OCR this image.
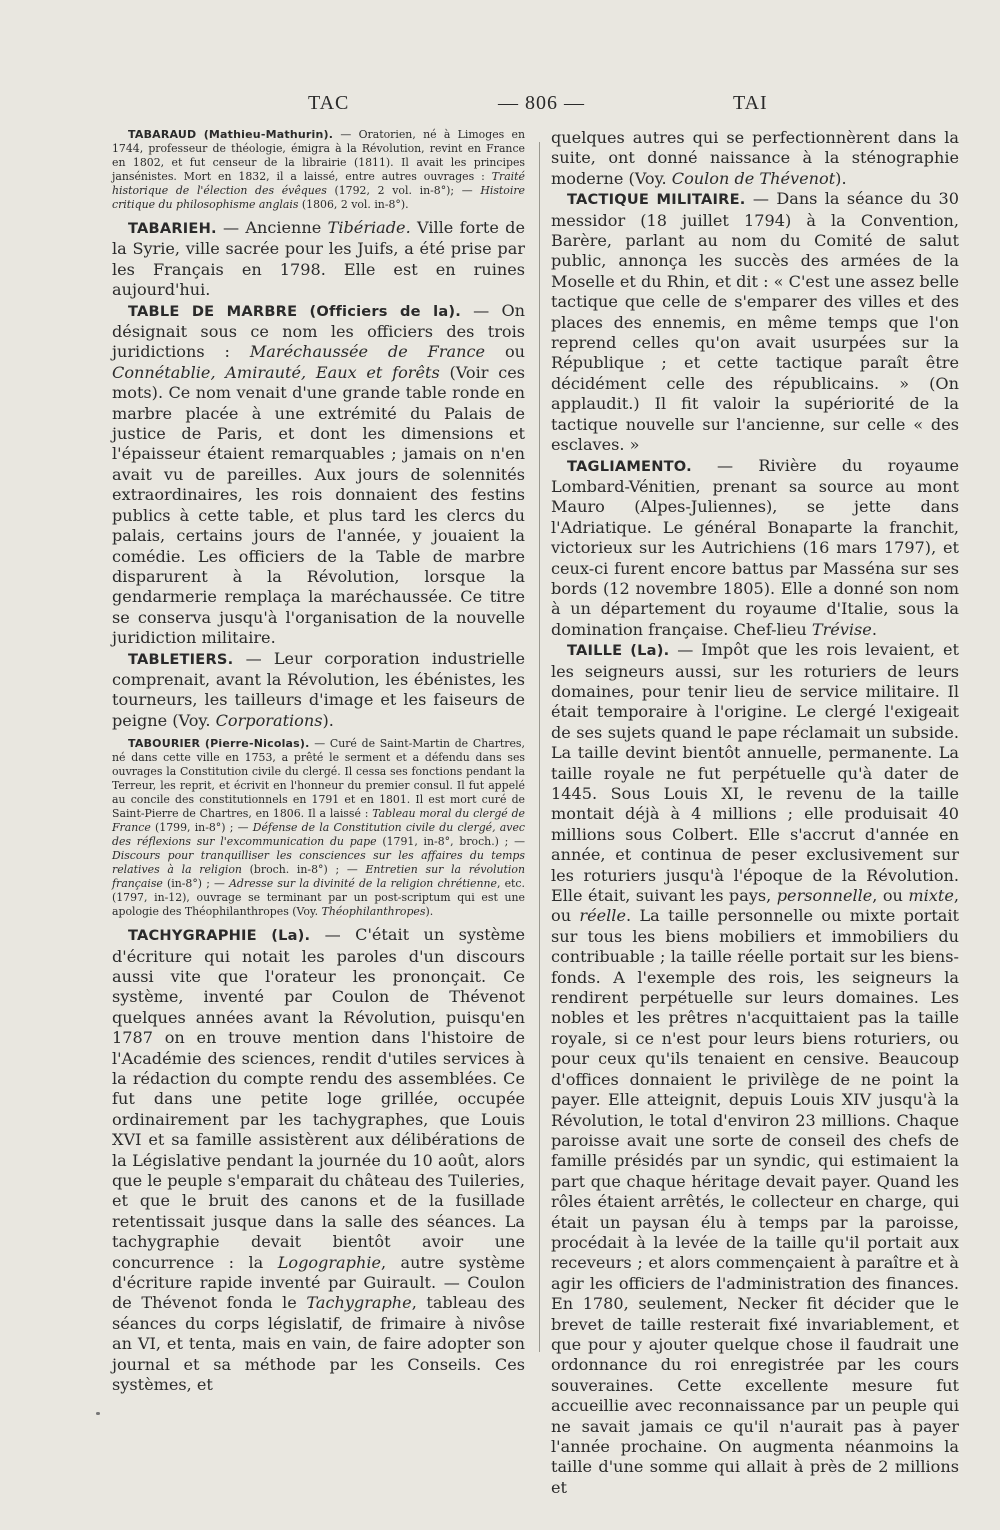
TAC	— 806 —	TAI

TABARAUD (Mathieu-Mathurin). — Oratorien, né à Limoges en 1744, professeur de théologie, émigra à la Révolution, revint en France en 1802, et fut censeur de la librairie (1811). Il avait les principes jansénistes. Mort en 1832, il a laissé, entre autres ouvrages : Traité historique de l'élection des évêques (1792, 2 vol. in-8°); — Histoire critique du philosophisme anglais (1806, 2 vol. in-8°).

TABARIEH. — Ancienne Tibériade. Ville forte de la Syrie, ville sacrée pour les Juifs, a été prise par les Français en 1798. Elle est en ruines aujourd'hui.

TABLE DE MARBRE (Officiers de la). — On désignait sous ce nom les officiers des trois juridictions : Maréchaussée de France ou Connétablie, Amirauté, Eaux et forêts (Voir ces mots). Ce nom venait d'une grande table ronde en marbre placée à une extrémité du Palais de justice de Paris, et dont les dimensions et l'épaisseur étaient remarquables ; jamais on n'en avait vu de pareilles. Aux jours de solennités extraordinaires, les rois donnaient des festins publics à cette table, et plus tard les clercs du palais, certains jours de l'année, y jouaient la comédie. Les officiers de la Table de marbre disparurent à la Révolution, lorsque la gendarmerie remplaça la maréchaussée. Ce titre se conserva jusqu'à l'organisation de la nouvelle juridiction militaire.

TABLETIERS. — Leur corporation industrielle comprenait, avant la Révolution, les ébénistes, les tourneurs, les tailleurs d'image et les faiseurs de peigne (Voy. Corporations).

TABOURIER (Pierre-Nicolas). — Curé de Saint-Martin de Chartres, né dans cette ville en 1753, a prêté le serment et a défendu dans ses ouvrages la Constitution civile du clergé. Il cessa ses fonctions pendant la Terreur, les reprit, et écrivit en l'honneur du premier consul. Il fut appelé au concile des constitutionnels en 1791 et en 1801. Il est mort curé de Saint-Pierre de Chartres, en 1806. Il a laissé : Tableau moral du clergé de France (1799, in-8°) ; — Défense de la Constitution civile du clergé, avec des réflexions sur l'excommunication du pape (1791, in-8°, broch.) ; — Discours pour tranquilliser les consciences sur les affaires du temps relatives à la religion (broch. in-8°) ; — Entretien sur la révolution française (in-8°) ; — Adresse sur la divinité de la religion chrétienne, etc. (1797, in-12), ouvrage se terminant par un post-scriptum qui est une apologie des Théophilanthropes (Voy. Théophilanthropes).

TACHYGRAPHIE (La). — C'était un système d'écriture qui notait les paroles d'un discours aussi vite que l'orateur les prononçait. Ce système, inventé par Coulon de Thévenot quelques années avant la Révolution, puisqu'en 1787 on en trouve mention dans l'histoire de l'Académie des sciences, rendit d'utiles services à la rédaction du compte rendu des assemblées. Ce fut dans une petite loge grillée, occupée ordinairement par les tachygraphes, que Louis XVI et sa famille assistèrent aux délibérations de la Législative pendant la journée du 10 août, alors que le peuple s'emparait du château des Tuileries, et que le bruit des canons et de la fusillade retentissait jusque dans la salle des séances. La tachygraphie devait bientôt avoir une concurrence : la Logographie, autre système d'écriture rapide inventé par Guirault. — Coulon de Thévenot fonda le Tachygraphe, tableau des séances du corps législatif, de frimaire à nivôse an VI, et tenta, mais en vain, de faire adopter son journal et sa méthode par les Conseils. Ces systèmes, et

quelques autres qui se perfectionnèrent dans la suite, ont donné naissance à la sténographie moderne (Voy. Coulon de Thévenot).

TACTIQUE MILITAIRE. — Dans la séance du 30 messidor (18 juillet 1794) à la Convention, Barère, parlant au nom du Comité de salut public, annonça les succès des armées de la Moselle et du Rhin, et dit : « C'est une assez belle tactique que celle de s'emparer des villes et des places des ennemis, en même temps que l'on reprend celles qu'on avait usurpées sur la République ; et cette tactique paraît être décidément celle des républicains. » (On applaudit.) Il fit valoir la supériorité de la tactique nouvelle sur l'ancienne, sur celle « des esclaves. »

TAGLIAMENTO. — Rivière du royaume Lombard-Vénitien, prenant sa source au mont Mauro (Alpes-Juliennes), se jette dans l'Adriatique. Le général Bonaparte la franchit, victorieux sur les Autrichiens (16 mars 1797), et ceux-ci furent encore battus par Masséna sur ses bords (12 novembre 1805). Elle a donné son nom à un département du royaume d'Italie, sous la domination française. Chef-lieu Trévise.

TAILLE (La). — Impôt que les rois levaient, et les seigneurs aussi, sur les roturiers de leurs domaines, pour tenir lieu de service militaire. Il était temporaire à l'origine. Le clergé l'exigeait de ses sujets quand le pape réclamait un subside. La taille devint bientôt annuelle, permanente. La taille royale ne fut perpétuelle qu'à dater de 1445. Sous Louis XI, le revenu de la taille montait déjà à 4 millions ; elle produisait 40 millions sous Colbert. Elle s'accrut d'année en année, et continua de peser exclusivement sur les roturiers jusqu'à l'époque de la Révolution. Elle était, suivant les pays, personnelle, ou mixte, ou réelle. La taille personnelle ou mixte portait sur tous les biens mobiliers et immobiliers du contribuable ; la taille réelle portait sur les biens-fonds. A l'exemple des rois, les seigneurs la rendirent perpétuelle sur leurs domaines. Les nobles et les prêtres n'acquittaient pas la taille royale, si ce n'est pour leurs biens roturiers, ou pour ceux qu'ils tenaient en censive. Beaucoup d'offices donnaient le privilège de ne point la payer. Elle atteignit, depuis Louis XIV jusqu'à la Révolution, le total d'environ 23 millions. Chaque paroisse avait une sorte de conseil des chefs de famille présidés par un syndic, qui estimaient la part que chaque héritage devait payer. Quand les rôles étaient arrêtés, le collecteur en charge, qui était un paysan élu à temps par la paroisse, procédait à la levée de la taille qu'il portait aux receveurs ; et alors commençaient à paraître et à agir les officiers de l'administration des finances. En 1780, seulement, Necker fit décider que le brevet de taille resterait fixé invariablement, et que pour y ajouter quelque chose il faudrait une ordonnance du roi enregistrée par les cours souveraines. Cette excellente mesure fut accueillie avec reconnaissance par un peuple qui ne savait jamais ce qu'il n'aurait pas à payer l'année prochaine. On augmenta néanmoins la taille d'une somme qui allait à près de 2 millions et
